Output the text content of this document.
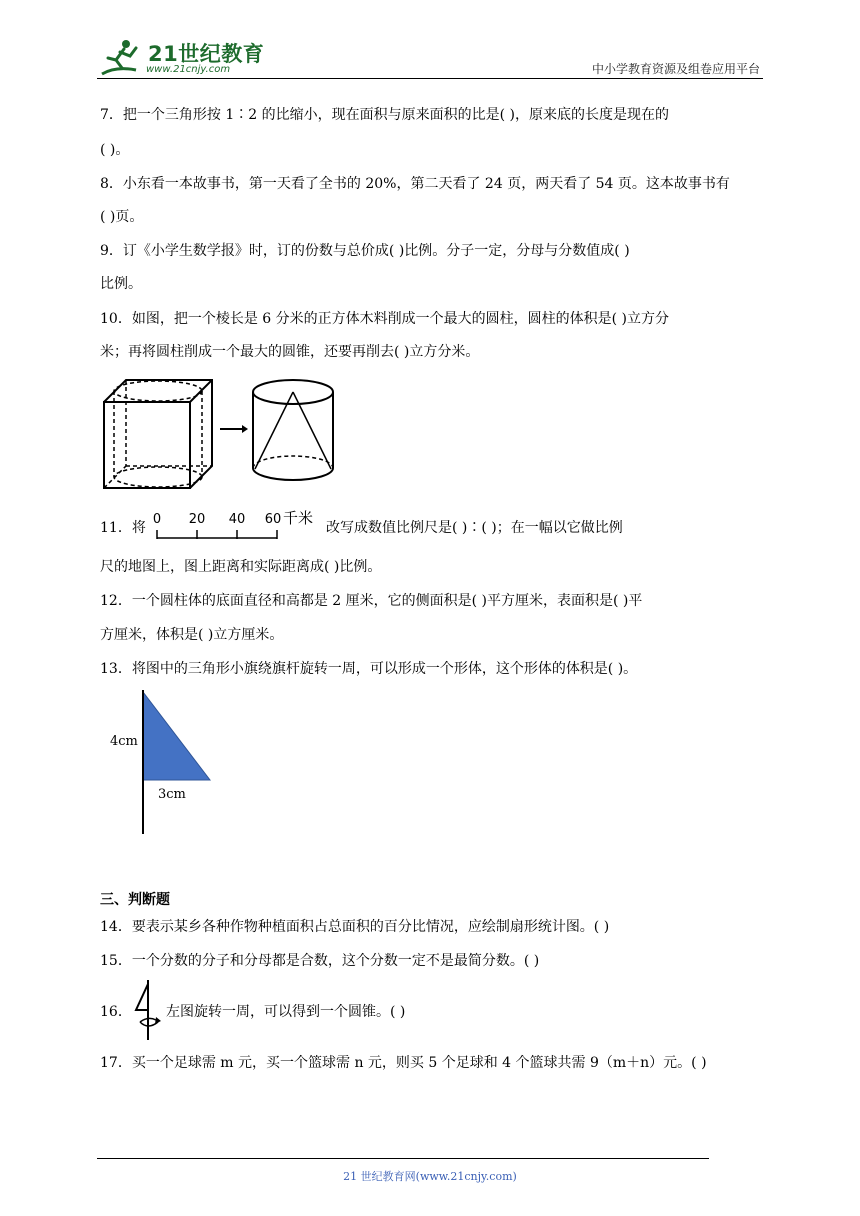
21世纪教育
www.21cnjy.com	中小学教育资源及组卷应用平台
7．把一个三角形按 1∶2 的比缩小，现在面积与原来面积的比是( )，原来底的长度是现在的
( )。
8．小东看一本故事书，第一天看了全书的 20%，第二天看了 24 页，两天看了 54 页。这本故事书有
( )页。
9．订《小学生数学报》时，订的份数与总价成( )比例。分子一定，分母与分数值成( )
比例。
10．如图，把一个棱长是 6 分米的正方体木料削成一个最大的圆柱，圆柱的体积是( )立方分
米；再将圆柱削成一个最大的圆锥，还要再削去( )立方分米。
11．将
0 20 40 60 千米
改写成数值比例尺是( )∶( )；在一幅以它做比例
尺的地图上，图上距离和实际距离成( )比例。
12．一个圆柱体的底面直径和高都是 2 厘米，它的侧面积是( )平方厘米，表面积是( )平
方厘米，体积是( )立方厘米。
13．将图中的三角形小旗绕旗杆旋转一周，可以形成一个形体，这个形体的体积是( )。
4cm
3cm
三、判断题
14．要表示某乡各种作物种植面积占总面积的百分比情况，应绘制扇形统计图。( )
15．一个分数的分子和分母都是合数，这个分数一定不是最简分数。( )
16．	左图旋转一周，可以得到一个圆锥。( )
17．买一个足球需 m 元，买一个篮球需 n 元，则买 5 个足球和 4 个篮球共需 9（m＋n）元。( )
21 世纪教育网(www.21cnjy.com)
